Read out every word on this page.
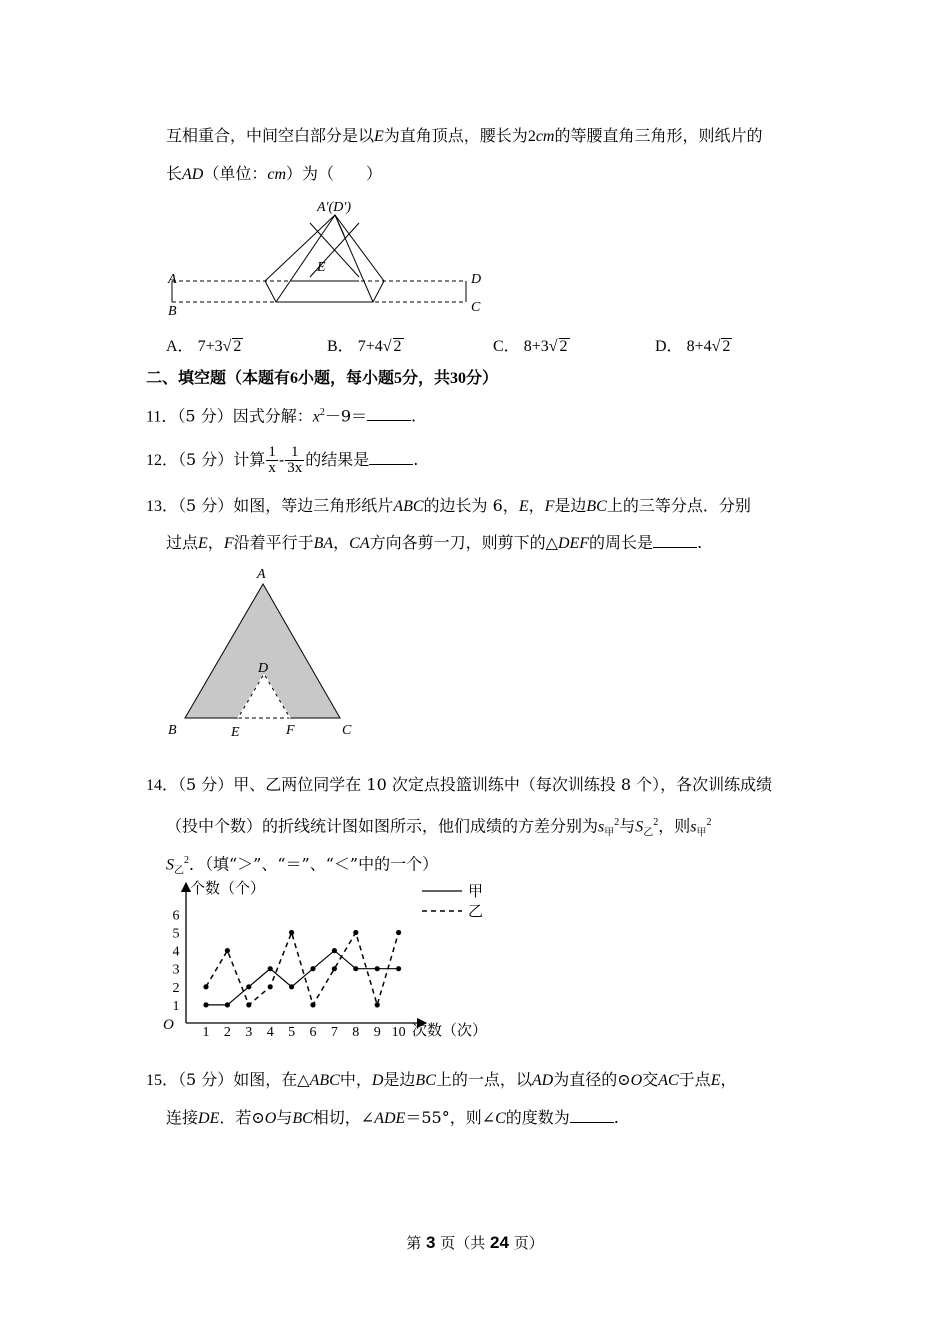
互相重合，中间空白部分是以E为直角顶点，腰长为2cm的等腰直角三角形，则纸片的
长AD（单位：cm）为（　　）
A'(D')
E
A
B
D
C
A． 7+3√ 2	B． 7+4√ 2	C． 8+3√ 2	D． 8+4√ 2
二、填空题（本题有6小题，每小题5分，共30分）
11．（5 分）因式分解：$x^2-9=$	.
12．（5 分）计算 $\frac{1}{x} - \frac{1}{3x}$ 的结果是	.
13．（5 分）如图，等边三角形纸片ABC的边长为 6，E，F是边BC上的三等分点．分别
过点E，F沿着平行于BA，CA方向各剪一刀，则剪下的△DEF的周长是	.
A
D
B	E	F	C
14．（5 分）甲、乙两位同学在 10 次定点投篮训练中（每次训练投 8 个），各次训练成绩
（投中个数）的折线统计图如图所示，他们成绩的方差分别为$s_甲^2$与$S_乙^2$，则$s_甲^2$
$S_乙^2$．（填“＞”、“＝”、“＜”中的一个）
O
个数（个）
次数（次）
1 2 3 4 5 6 7 8 9 10
1
2
3
4
5
6
甲
乙
15．（5 分）如图，在△ABC中，D是边BC上的一点，以AD为直径的⊙O交AC于点E，
连接DE．若⊙O与BC相切，∠ADE＝55°，则∠C的度数为	.
第 3 页（共 24 页）
